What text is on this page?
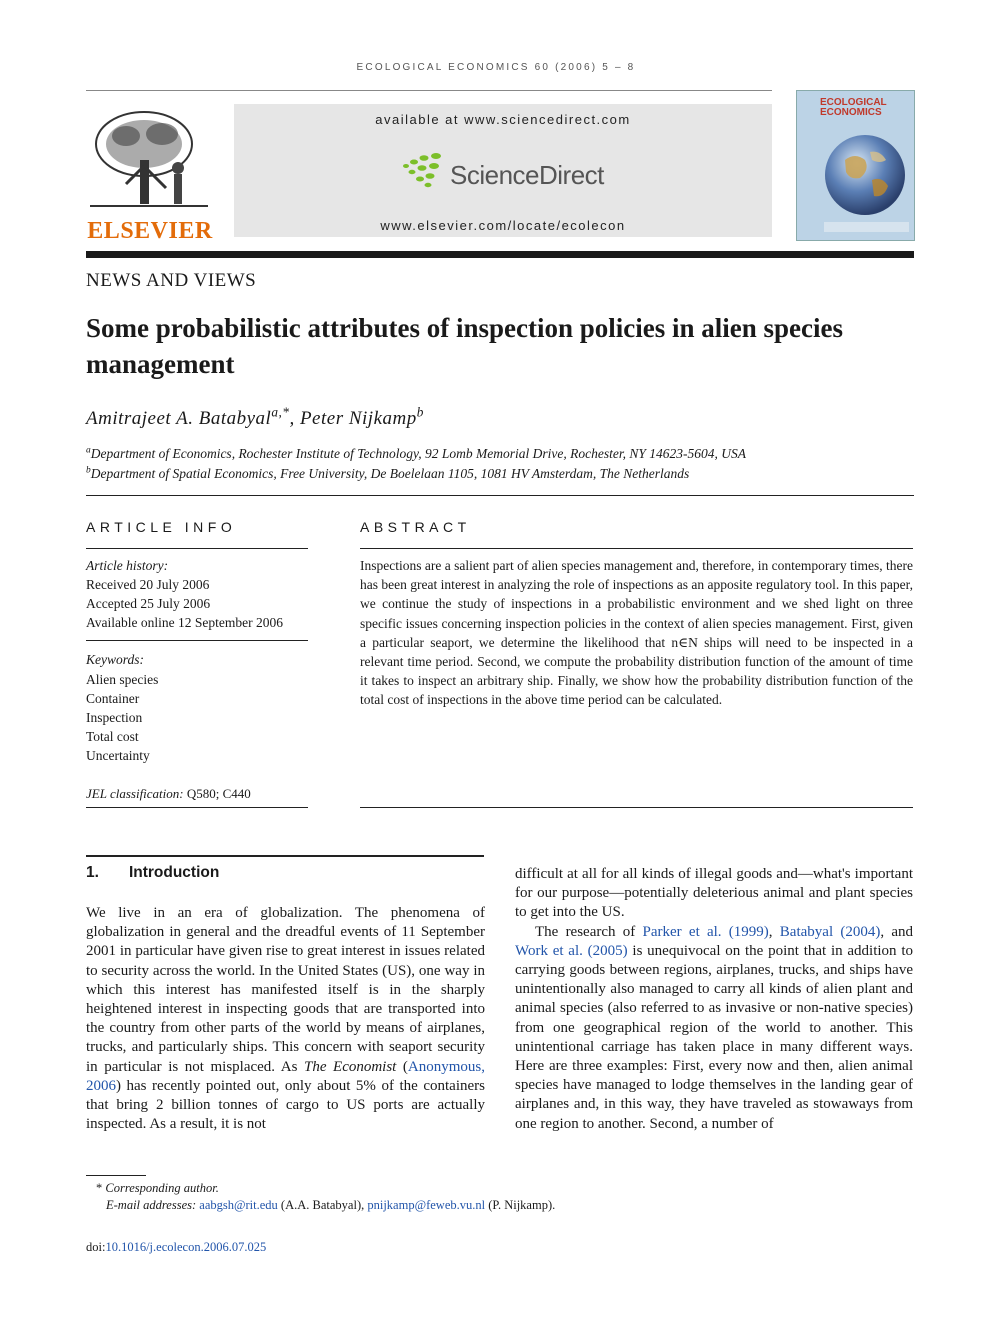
ECOLOGICAL ECONOMICS 60 (2006) 5 – 8
ELSEVIER
available at www.sciencedirect.com
ScienceDirect
www.elsevier.com/locate/ecolecon
ECOLOGICAL
ECONOMICS
NEWS AND VIEWS
Some probabilistic attributes of inspection policies in alien species management
Amitrajeet A. Batabyal$^{a,*}$, Peter Nijkamp$^b$
$^a$Department of Economics, Rochester Institute of Technology, 92 Lomb Memorial Drive, Rochester, NY 14623-5604, USA
$^b$Department of Spatial Economics, Free University, De Boelelaan 1105, 1081 HV Amsterdam, The Netherlands
ARTICLE INFO
Article history:
Received 20 July 2006
Accepted 25 July 2006
Available online 12 September 2006
Keywords:
Alien species
Container
Inspection
Total cost
Uncertainty
JEL classification: Q580; C440
ABSTRACT
Inspections are a salient part of alien species management and, therefore, in contemporary times, there has been great interest in analyzing the role of inspections as an apposite regulatory tool. In this paper, we continue the study of inspections in a probabilistic environment and we shed light on three specific issues concerning inspection policies in the context of alien species management. First, given a particular seaport, we determine the likelihood that n∈N ships will need to be inspected in a relevant time period. Second, we compute the probability distribution function of the amount of time it takes to inspect an arbitrary ship. Finally, we show how the probability distribution function of the total cost of inspections in the above time period can be calculated.
1. Introduction
We live in an era of globalization. The phenomena of globalization in general and the dreadful events of 11 September 2001 in particular have given rise to great interest in issues related to security across the world. In the United States (US), one way in which this interest has manifested itself is in the sharply heightened interest in inspecting goods that are transported into the country from other parts of the world by means of airplanes, trucks, and particularly ships. This concern with seaport security in particular is not misplaced. As The Economist (Anonymous, 2006) has recently pointed out, only about 5% of the containers that bring 2 billion tonnes of cargo to US ports are actually inspected. As a result, it is not
difficult at all for all kinds of illegal goods and—what's important for our purpose—potentially deleterious animal and plant species to get into the US.
The research of Parker et al. (1999), Batabyal (2004), and Work et al. (2005) is unequivocal on the point that in addition to carrying goods between regions, airplanes, trucks, and ships have unintentionally also managed to carry all kinds of alien plant and animal species (also referred to as invasive or non-native species) from one geographical region of the world to another. This unintentional carriage has taken place in many different ways. Here are three examples: First, every now and then, alien animal species have managed to lodge themselves in the landing gear of airplanes and, in this way, they have traveled as stowaways from one region to another. Second, a number of
* Corresponding author.
E-mail addresses: aabgsh@rit.edu (A.A. Batabyal), pnijkamp@feweb.vu.nl (P. Nijkamp).
doi:10.1016/j.ecolecon.2006.07.025
